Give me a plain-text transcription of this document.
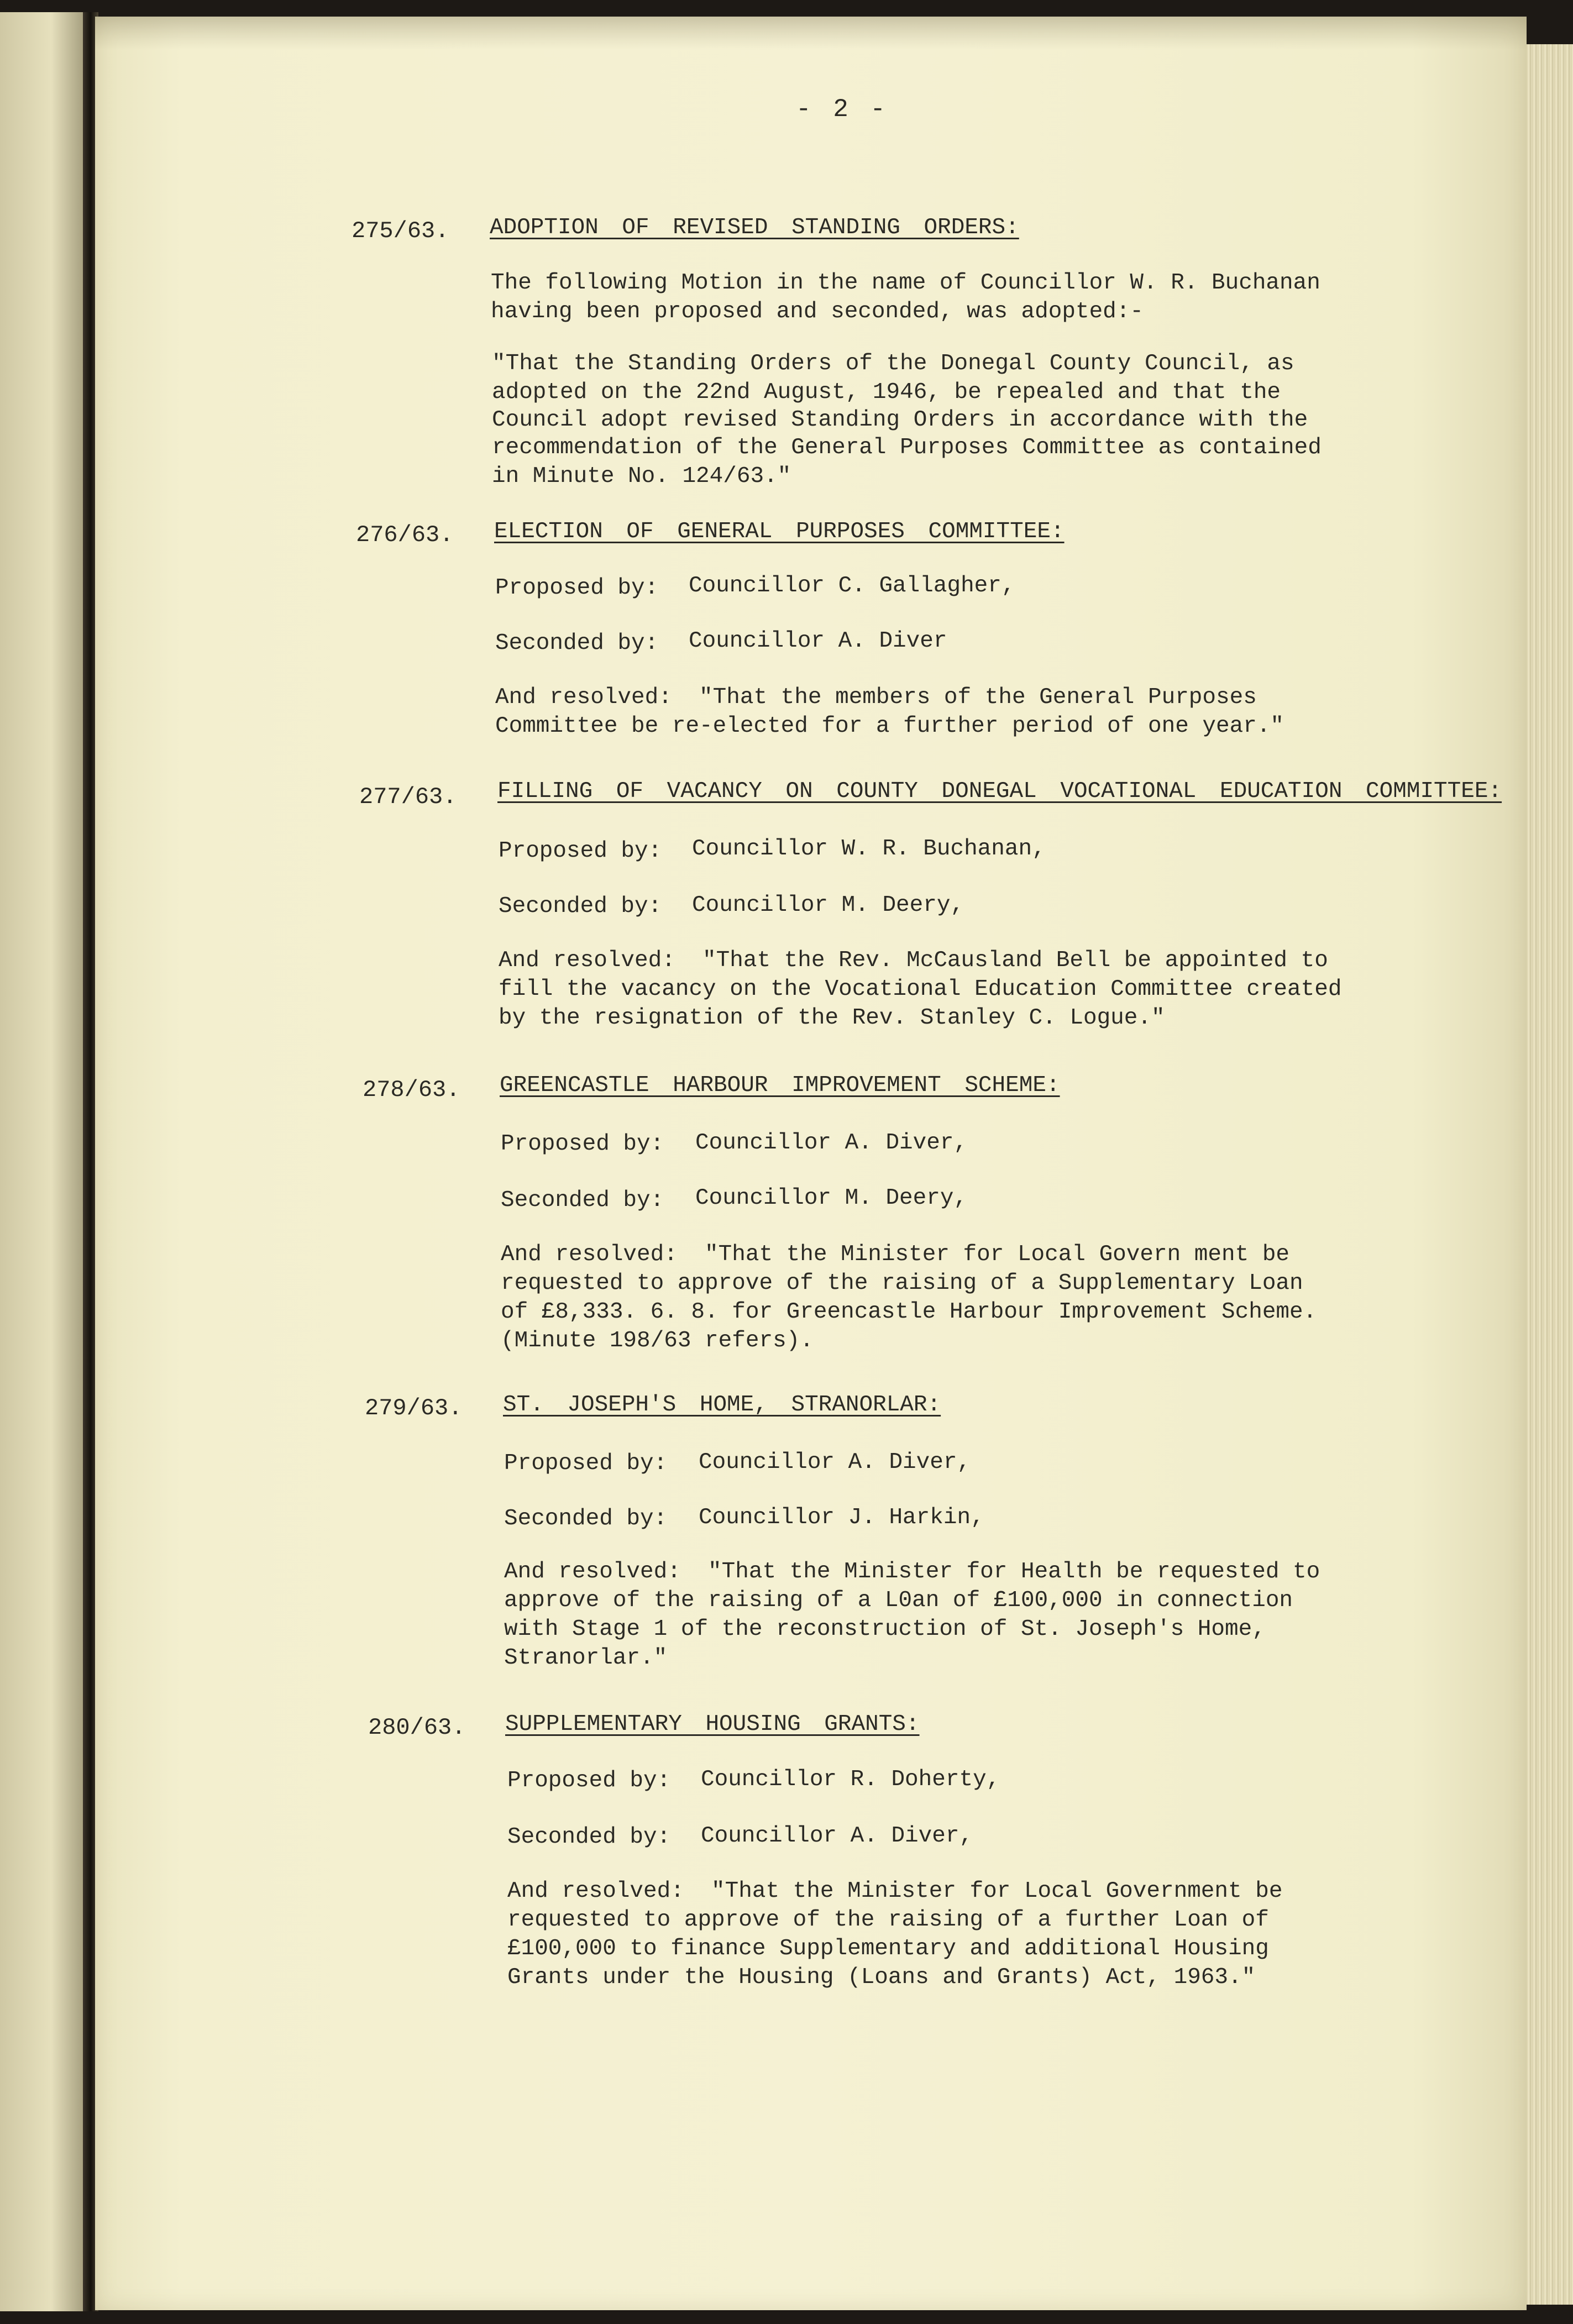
- 2 -
275/63. ADOPTION OF REVISED STANDING ORDERS:
The following Motion in the name of Councillor W. R. Buchanan
having been proposed and seconded, was adopted:-
"That the Standing Orders of the Donegal County Council, as
adopted on the 22nd August, 1946, be repealed and that the
Council adopt revised Standing Orders in accordance with the
recommendation of the General Purposes Committee as contained
in Minute No. 124/63."
276/63. ELECTION OF GENERAL PURPOSES COMMITTEE:
Proposed by: Councillor C. Gallagher,
Seconded by: Councillor A. Diver
And resolved:  "That the members of the General Purposes
Committee be re-elected for a further period of one year."
277/63. FILLING OF VACANCY ON COUNTY DONEGAL VOCATIONAL EDUCATION COMMITTEE:
Proposed by: Councillor W. R. Buchanan,
Seconded by: Councillor M. Deery,
And resolved:  "That the Rev. McCausland Bell be appointed to
fill the vacancy on the Vocational Education Committee created
by the resignation of the Rev. Stanley C. Logue."
278/63. GREENCASTLE HARBOUR IMPROVEMENT SCHEME:
Proposed by: Councillor A. Diver,
Seconded by: Councillor M. Deery,
And resolved:  "That the Minister for Local Govern ment be
requested to approve of the raising of a Supplementary Loan
of £8,333. 6. 8. for Greencastle Harbour Improvement Scheme.
(Minute 198/63 refers).
279/63. ST. JOSEPH'S HOME, STRANORLAR:
Proposed by: Councillor A. Diver,
Seconded by: Councillor J. Harkin,
And resolved:  "That the Minister for Health be requested to
approve of the raising of a L0an of £100,000 in connection
with Stage 1 of the reconstruction of St. Joseph's Home,
Stranorlar."
280/63. SUPPLEMENTARY HOUSING GRANTS:
Proposed by: Councillor R. Doherty,
Seconded by: Councillor A. Diver,
And resolved:  "That the Minister for Local Government be
requested to approve of the raising of a further Loan of
£100,000 to finance Supplementary and additional Housing
Grants under the Housing (Loans and Grants) Act, 1963."
